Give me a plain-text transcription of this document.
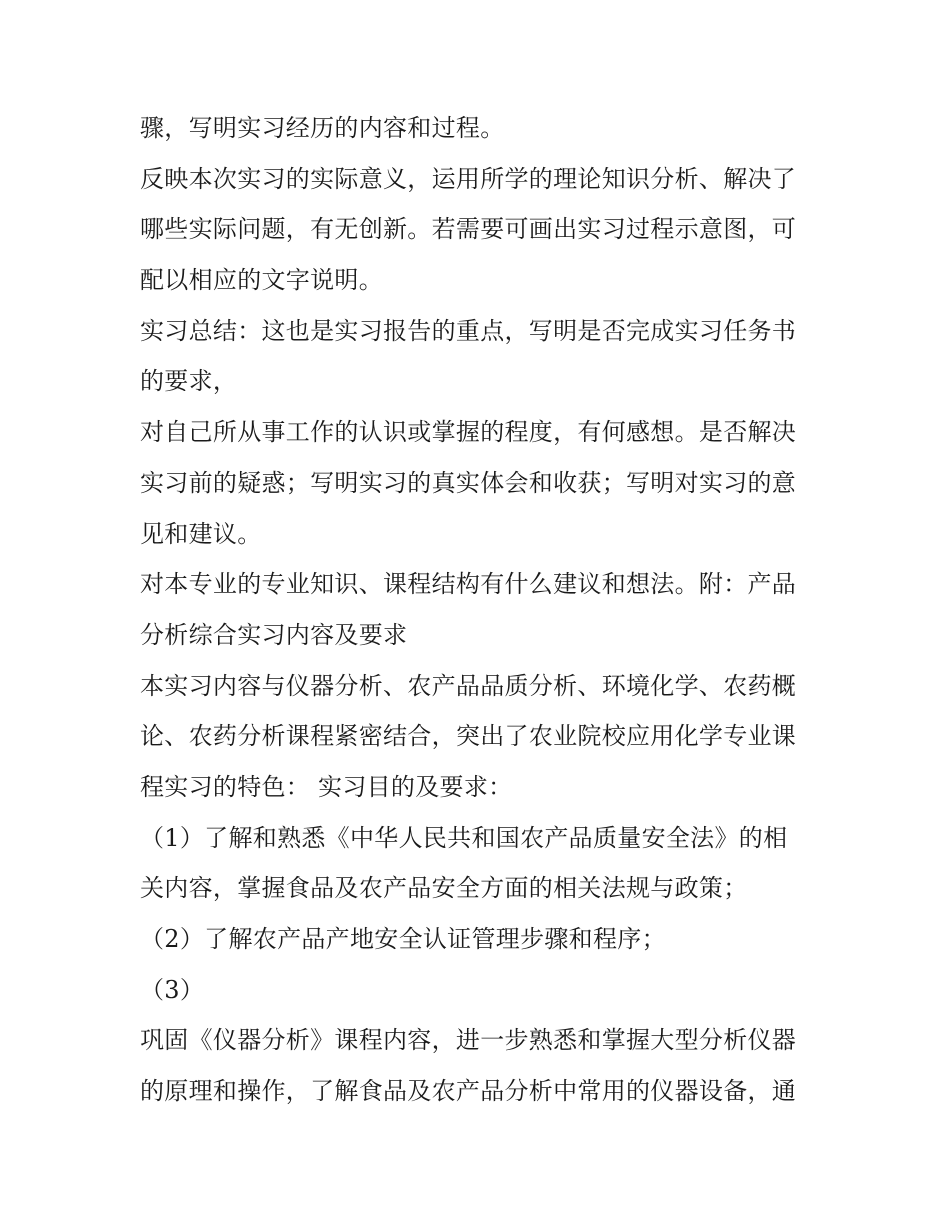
骤，写明实习经历的内容和过程。
反映本次实习的实际意义，运用所学的理论知识分析、解决了
哪些实际问题，有无创新。若需要可画出实习过程示意图，可
配以相应的文字说明。
实习总结：这也是实习报告的重点，写明是否完成实习任务书
的要求，
对自己所从事工作的认识或掌握的程度，有何感想。是否解决
实习前的疑惑；写明实习的真实体会和收获；写明对实习的意
见和建议。
对本专业的专业知识、课程结构有什么建议和想法。附：产品
分析综合实习内容及要求
本实习内容与仪器分析、农产品品质分析、环境化学、农药概
论、农药分析课程紧密结合，突出了农业院校应用化学专业课
程实习的特色： 实习目的及要求：
（1）了解和熟悉《中华人民共和国农产品质量安全法》的相
关内容，掌握食品及农产品安全方面的相关法规与政策；
（2）了解农产品产地安全认证管理步骤和程序；
（3）
巩固《仪器分析》课程内容，进一步熟悉和掌握大型分析仪器
的原理和操作，了解食品及农产品分析中常用的仪器设备，通
